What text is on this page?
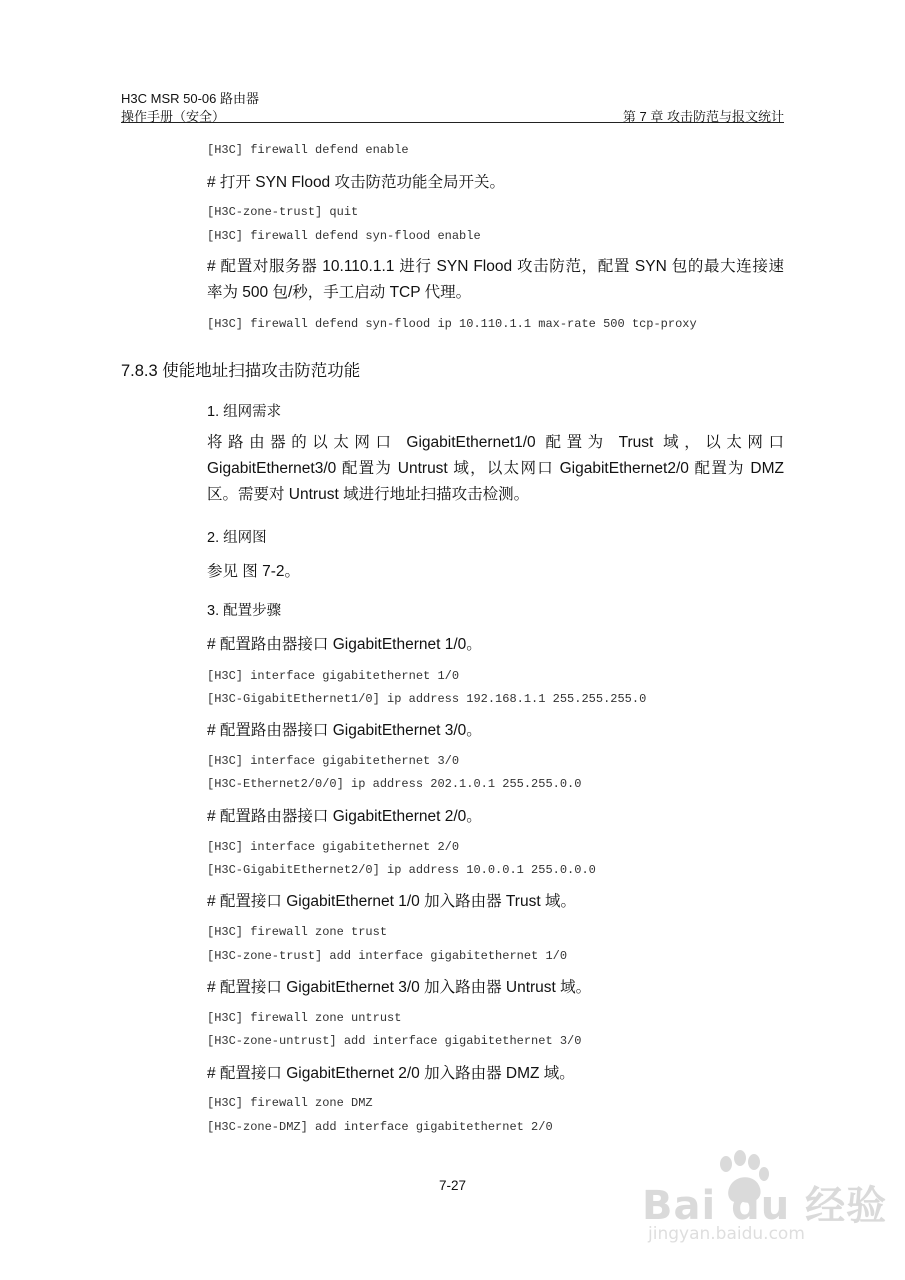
H3C MSR 50-06 路由器
操作手册（安全）	第 7 章 攻击防范与报文统计
[H3C] firewall defend enable
# 打开 SYN Flood 攻击防范功能全局开关。
[H3C-zone-trust] quit
[H3C] firewall defend syn-flood enable

# 配置对服务器 10.110.1.1 进行 SYN Flood 攻击防范，配置 SYN 包的最大连接速

率为 500 包/秒，手工启动 TCP 代理。

[H3C] firewall defend syn-flood ip 10.110.1.1 max-rate 500 tcp-proxy
7.8.3 使能地址扫描攻击防范功能
1. 组网需求

将路由器的以太网口 GigabitEthernet1/0 配置为 Trust 域，以太网口

GigabitEthernet3/0 配置为 Untrust 域，以太网口 GigabitEthernet2/0 配置为 DMZ

区。需要对 Untrust 域进行地址扫描攻击检测。

2. 组网图
参见 图 7-2。
3. 配置步骤
# 配置路由器接口 GigabitEthernet 1/0。
[H3C] interface gigabitethernet 1/0
[H3C-GigabitEthernet1/0] ip address 192.168.1.1 255.255.255.0
# 配置路由器接口 GigabitEthernet 3/0。
[H3C] interface gigabitethernet 3/0
[H3C-Ethernet2/0/0] ip address 202.1.0.1 255.255.0.0
# 配置路由器接口 GigabitEthernet 2/0。
[H3C] interface gigabitethernet 2/0
[H3C-GigabitEthernet2/0] ip address 10.0.0.1 255.0.0.0
# 配置接口 GigabitEthernet 1/0 加入路由器 Trust 域。
[H3C] firewall zone trust
[H3C-zone-trust] add interface gigabitethernet 1/0
# 配置接口 GigabitEthernet 3/0 加入路由器 Untrust 域。
[H3C] firewall zone untrust
[H3C-zone-untrust] add interface gigabitethernet 3/0
# 配置接口 GigabitEthernet 2/0 加入路由器 DMZ 域。
[H3C] firewall zone DMZ
[H3C-zone-DMZ] add interface gigabitethernet 2/0
7-27	Bai du 经验
jingyan.baidu.com
